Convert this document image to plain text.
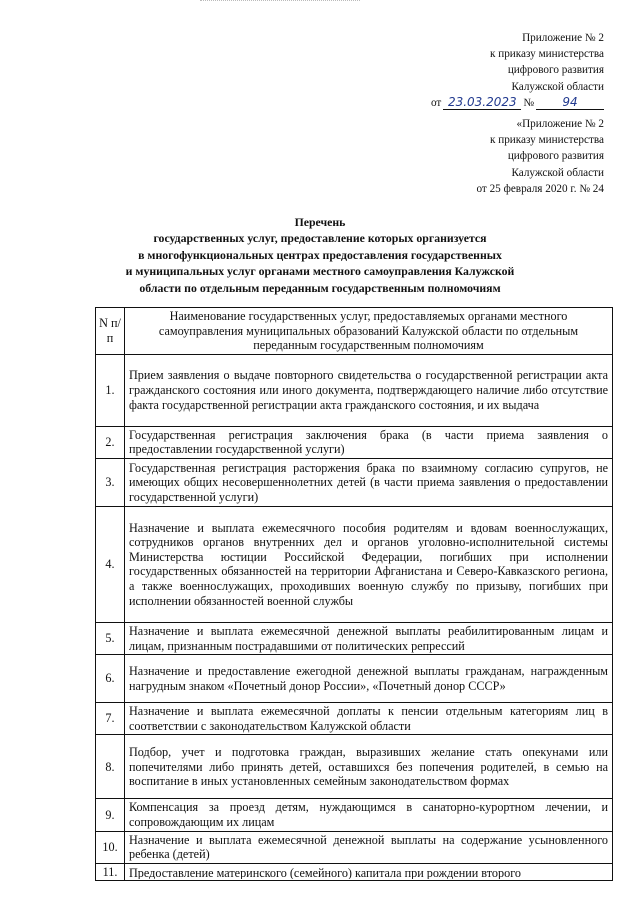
Приложение № 2
к приказу министерства
цифрового развития
Калужской области
от 23.03.2023 №	94
«Приложение № 2
к приказу министерства
цифрового развития
Калужской области
от 25 февраля 2020 г. № 24
Перечень
государственных услуг, предоставление которых организуется
в многофункциональных центрах предоставления государственных
и муниципальных услуг органами местного самоуправления Калужской
области по отдельным переданным государственным полномочиям
N п/п	Наименование государственных услуг, предоставляемых органами местного самоуправления муниципальных образований Калужской области по отдельным переданным государственным полномочиям
1.	Прием заявления о выдаче повторного свидетельства о государственной регистрации акта гражданского состояния или иного документа, подтверждающего наличие либо отсутствие факта государственной регистрации акта гражданского состояния, и их выдача
2.	Государственная регистрация заключения брака (в части приема заявления о предоставлении государственной услуги)
3.	Государственная регистрация расторжения брака по взаимному согласию супругов, не имеющих общих несовершеннолетних детей (в части приема заявления о предоставлении государственной услуги)
4.	Назначение и выплата ежемесячного пособия родителям и вдовам военнослужащих, сотрудников органов внутренних дел и органов уголовно-исполнительной системы Министерства юстиции Российской Федерации, погибших при исполнении государственных обязанностей на территории Афганистана и Северо-Кавказского региона, а также военнослужащих, проходивших военную службу по призыву, погибших при исполнении обязанностей военной службы
5.	Назначение и выплата ежемесячной денежной выплаты реабилитированным лицам и лицам, признанным пострадавшими от политических репрессий
6.	Назначение и предоставление ежегодной денежной выплаты гражданам, награжденным нагрудным знаком «Почетный донор России», «Почетный донор СССР»
7.	Назначение и выплата ежемесячной доплаты к пенсии отдельным категориям лиц в соответствии с законодательством Калужской области
8.	Подбор, учет и подготовка граждан, выразивших желание стать опекунами или попечителями либо принять детей, оставшихся без попечения родителей, в семью на воспитание в иных установленных семейным законодательством формах
9.	Компенсация за проезд детям, нуждающимся в санаторно-курортном лечении, и сопровождающим их лицам
10.	Назначение и выплата ежемесячной денежной выплаты на содержание усыновленного ребенка (детей)
11.	Предоставление материнского (семейного) капитала при рождении второго
